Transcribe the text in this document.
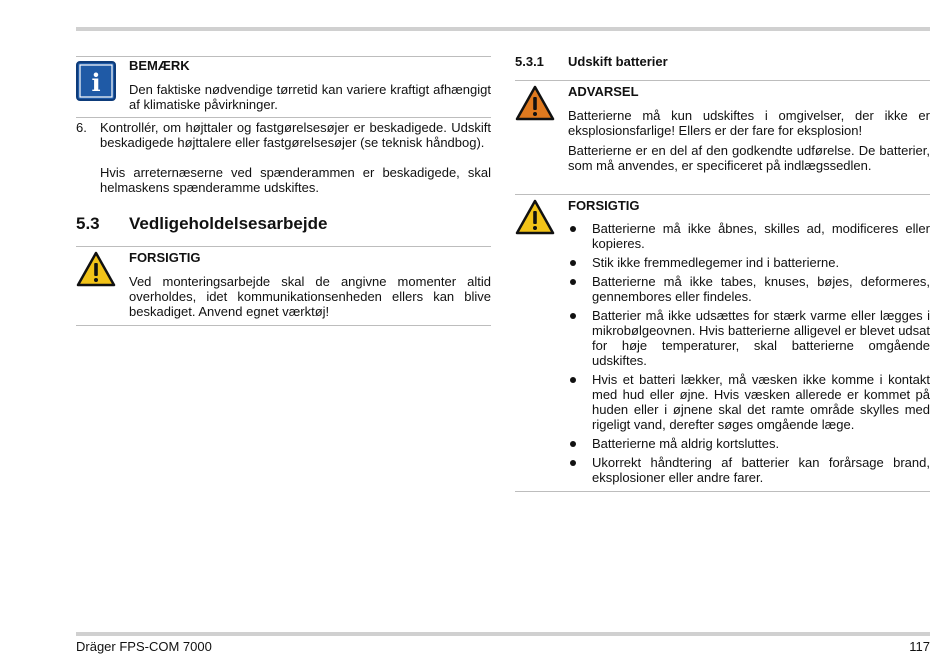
i
BEMÆRK
Den faktiske nødvendige tørretid kan variere kraftigt afhængigt af klimatiske påvirkninger.
6. Kontrollér, om højttaler og fastgørelsesøjer er beskadigede. Udskift beskadigede højttalere eller fastgørelsesøjer (se teknisk håndbog).
Hvis arreternæserne ved spænderammen er beskadigede, skal helmaskens spænderamme udskiftes.
5.3 Vedligeholdelsesarbejde
FORSIGTIG
Ved monteringsarbejde skal de angivne momenter altid overholdes, idet kommunikationsenheden ellers kan blive beskadiget. Anvend egnet værktøj!
5.3.1 Udskift batterier
ADVARSEL
Batterierne må kun udskiftes i omgivelser, der ikke er eksplosionsfarlige! Ellers er der fare for eksplosion!
Batterierne er en del af den godkendte udførelse. De batterier, som må anvendes, er specificeret på indlægssedlen.
FORSIGTIG
Batterierne må ikke åbnes, skilles ad, modificeres eller kopieres.
Stik ikke fremmedlegemer ind i batterierne.
Batterierne må ikke tabes, knuses, bøjes, deformeres, gennembores eller findeles.
Batterier må ikke udsættes for stærk varme eller lægges i mikrobølgeovnen. Hvis batterierne alligevel er blevet udsat for høje temperaturer, skal batterierne omgående udskiftes.
Hvis et batteri lækker, må væsken ikke komme i kontakt med hud eller øjne. Hvis væsken allerede er kommet på huden eller i øjnene skal det ramte område skylles med rigeligt vand, derefter søges omgående læge.
Batterierne må aldrig kortsluttes.
Ukorrekt håndtering af batterier kan forårsage brand, eksplosioner eller andre farer.
Dräger FPS-COM 7000	117
